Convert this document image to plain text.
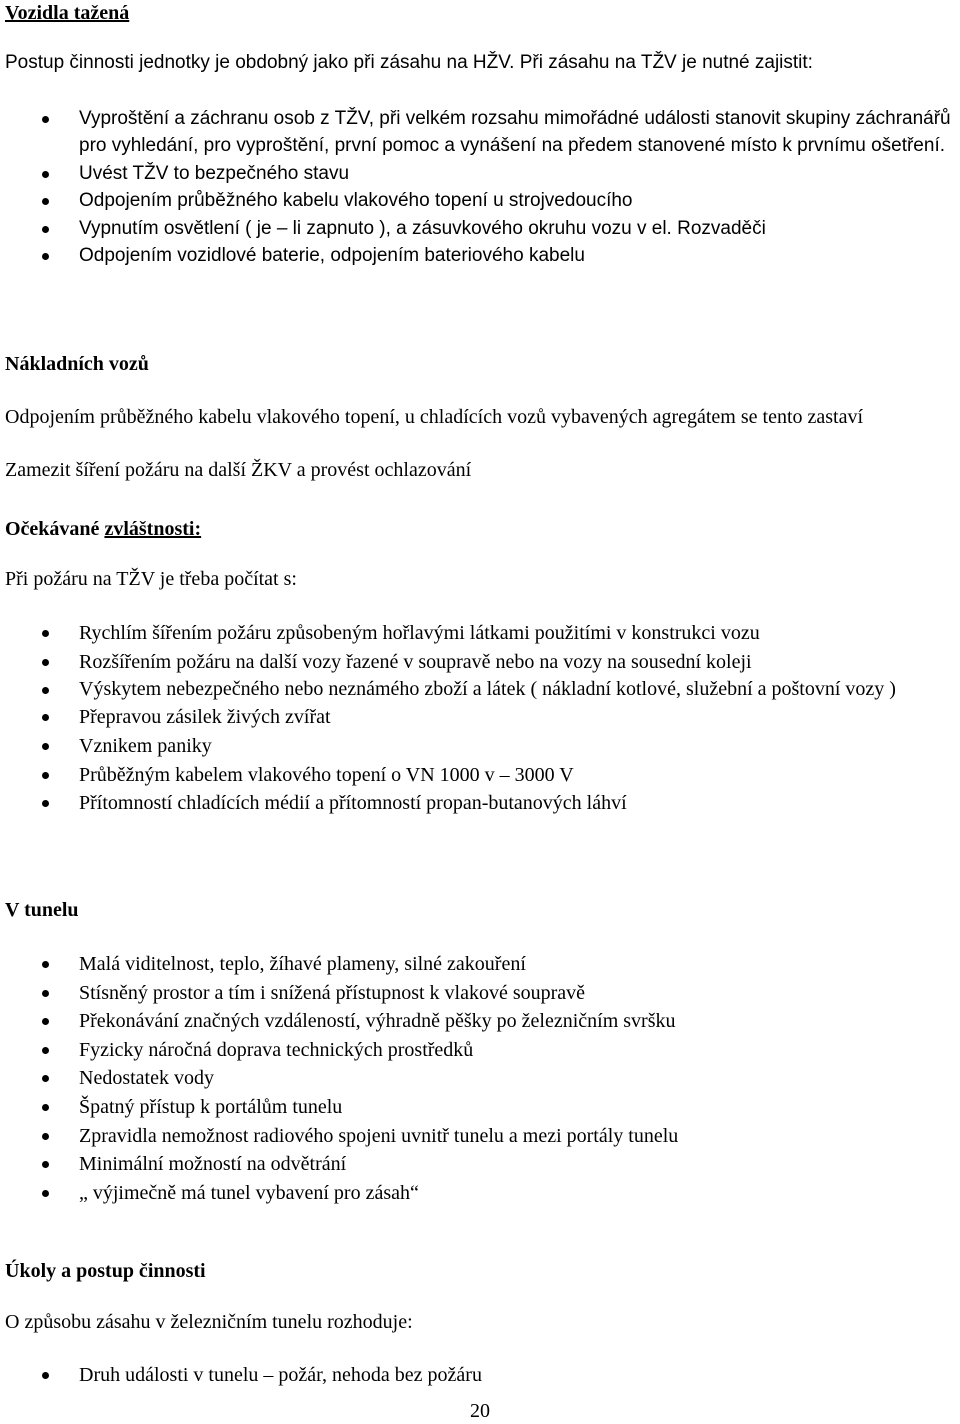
Vozidla tažená

Postup činnosti jednotky je obdobný jako při zásahu na HŽV. Při zásahu na TŽV je nutné zajistit:

Vyproštění a záchranu osob z TŽV, při velkém rozsahu mimořádné události stanovit skupiny záchranářů pro vyhledání, pro vyproštění, první pomoc a vynášení na předem stanovené místo k prvnímu ošetření.
Uvést TŽV to bezpečného stavu
Odpojením průběžného kabelu vlakového topení u strojvedoucího
Vypnutím osvětlení ( je – li zapnuto ), a zásuvkového okruhu vozu v el. Rozvaděči
Odpojením vozidlové baterie, odpojením bateriového kabelu

Nákladních vozů

Odpojením průběžného kabelu vlakového topení, u chladících vozů vybavených agregátem se tento zastaví

Zamezit šíření požáru na další ŽKV a provést ochlazování

Očekávané zvláštnosti:

Při požáru na TŽV je třeba počítat s:

Rychlím šířením požáru způsobeným hořlavými látkami použitími v konstrukci vozu
Rozšířením požáru na další vozy řazené v soupravě nebo na vozy na sousední koleji
Výskytem nebezpečného nebo neznámého zboží a látek ( nákladní kotlové, služební a poštovní vozy )
Přepravou zásilek živých zvířat
Vznikem paniky
Průběžným kabelem vlakového topení o VN 1000 v – 3000 V
Přítomností chladících médií a přítomností propan-butanových láhví

V tunelu

Malá viditelnost, teplo, žíhavé plameny, silné zakouření
Stísněný prostor a tím i snížená přístupnost k vlakové soupravě
Překonávání značných vzdáleností, výhradně pěšky po železničním svršku
Fyzicky náročná doprava technických prostředků
Nedostatek vody
Špatný přístup k portálům tunelu
Zpravidla nemožnost radiového spojeni uvnitř tunelu a mezi portály tunelu
Minimální možností na odvětrání
„ výjimečně má tunel vybavení pro zásah“

Úkoly a postup činnosti

O způsobu zásahu v železničním tunelu rozhoduje:

Druh události v tunelu – požár, nehoda bez požáru
20
